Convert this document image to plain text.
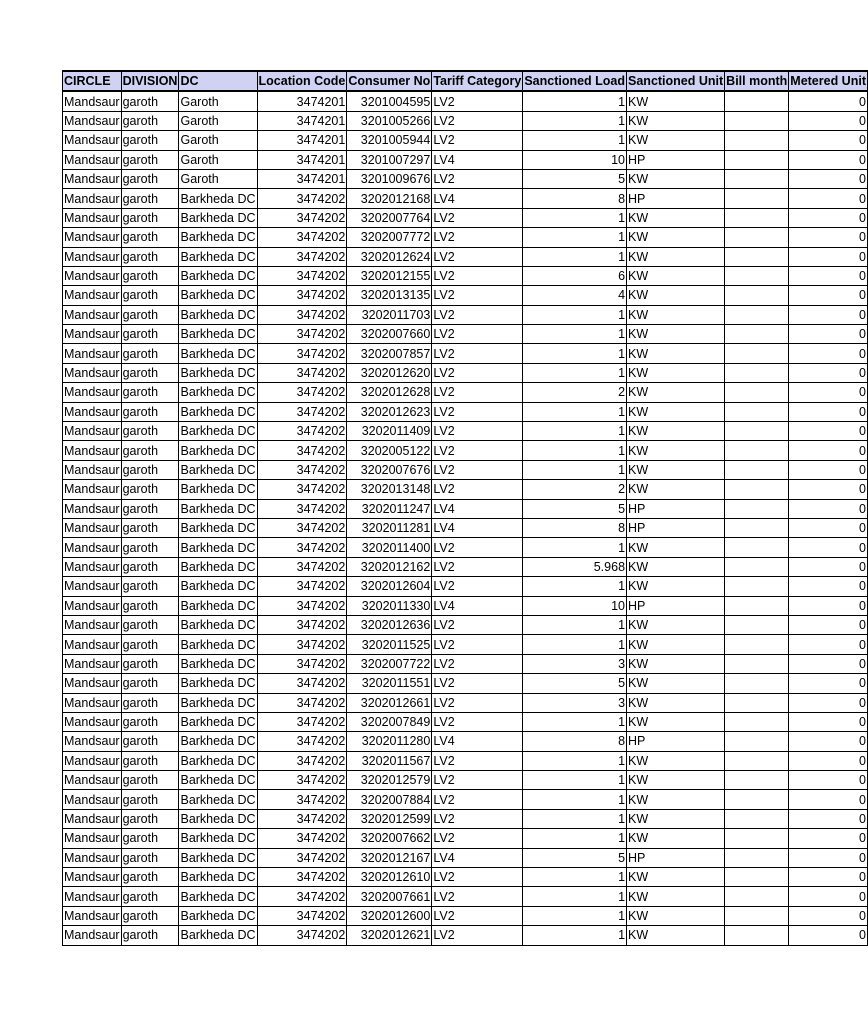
CIRCLE	DIVISION	DC	Location Code	Consumer No	Tariff Category	Sanctioned Load	Sanctioned Unit	Bill month	Metered Unit
Mandsaur	garoth	Garoth	3474201	3201004595	LV2	1	KW		0
Mandsaur	garoth	Garoth	3474201	3201005266	LV2	1	KW		0
Mandsaur	garoth	Garoth	3474201	3201005944	LV2	1	KW		0
Mandsaur	garoth	Garoth	3474201	3201007297	LV4	10	HP		0
Mandsaur	garoth	Garoth	3474201	3201009676	LV2	5	KW		0
Mandsaur	garoth	Barkheda DC	3474202	3202012168	LV4	8	HP		0
Mandsaur	garoth	Barkheda DC	3474202	3202007764	LV2	1	KW		0
Mandsaur	garoth	Barkheda DC	3474202	3202007772	LV2	1	KW		0
Mandsaur	garoth	Barkheda DC	3474202	3202012624	LV2	1	KW		0
Mandsaur	garoth	Barkheda DC	3474202	3202012155	LV2	6	KW		0
Mandsaur	garoth	Barkheda DC	3474202	3202013135	LV2	4	KW		0
Mandsaur	garoth	Barkheda DC	3474202	3202011703	LV2	1	KW		0
Mandsaur	garoth	Barkheda DC	3474202	3202007660	LV2	1	KW		0
Mandsaur	garoth	Barkheda DC	3474202	3202007857	LV2	1	KW		0
Mandsaur	garoth	Barkheda DC	3474202	3202012620	LV2	1	KW		0
Mandsaur	garoth	Barkheda DC	3474202	3202012628	LV2	2	KW		0
Mandsaur	garoth	Barkheda DC	3474202	3202012623	LV2	1	KW		0
Mandsaur	garoth	Barkheda DC	3474202	3202011409	LV2	1	KW		0
Mandsaur	garoth	Barkheda DC	3474202	3202005122	LV2	1	KW		0
Mandsaur	garoth	Barkheda DC	3474202	3202007676	LV2	1	KW		0
Mandsaur	garoth	Barkheda DC	3474202	3202013148	LV2	2	KW		0
Mandsaur	garoth	Barkheda DC	3474202	3202011247	LV4	5	HP		0
Mandsaur	garoth	Barkheda DC	3474202	3202011281	LV4	8	HP		0
Mandsaur	garoth	Barkheda DC	3474202	3202011400	LV2	1	KW		0
Mandsaur	garoth	Barkheda DC	3474202	3202012162	LV2	5.968	KW		0
Mandsaur	garoth	Barkheda DC	3474202	3202012604	LV2	1	KW		0
Mandsaur	garoth	Barkheda DC	3474202	3202011330	LV4	10	HP		0
Mandsaur	garoth	Barkheda DC	3474202	3202012636	LV2	1	KW		0
Mandsaur	garoth	Barkheda DC	3474202	3202011525	LV2	1	KW		0
Mandsaur	garoth	Barkheda DC	3474202	3202007722	LV2	3	KW		0
Mandsaur	garoth	Barkheda DC	3474202	3202011551	LV2	5	KW		0
Mandsaur	garoth	Barkheda DC	3474202	3202012661	LV2	3	KW		0
Mandsaur	garoth	Barkheda DC	3474202	3202007849	LV2	1	KW		0
Mandsaur	garoth	Barkheda DC	3474202	3202011280	LV4	8	HP		0
Mandsaur	garoth	Barkheda DC	3474202	3202011567	LV2	1	KW		0
Mandsaur	garoth	Barkheda DC	3474202	3202012579	LV2	1	KW		0
Mandsaur	garoth	Barkheda DC	3474202	3202007884	LV2	1	KW		0
Mandsaur	garoth	Barkheda DC	3474202	3202012599	LV2	1	KW		0
Mandsaur	garoth	Barkheda DC	3474202	3202007662	LV2	1	KW		0
Mandsaur	garoth	Barkheda DC	3474202	3202012167	LV4	5	HP		0
Mandsaur	garoth	Barkheda DC	3474202	3202012610	LV2	1	KW		0
Mandsaur	garoth	Barkheda DC	3474202	3202007661	LV2	1	KW		0
Mandsaur	garoth	Barkheda DC	3474202	3202012600	LV2	1	KW		0
Mandsaur	garoth	Barkheda DC	3474202	3202012621	LV2	1	KW		0
